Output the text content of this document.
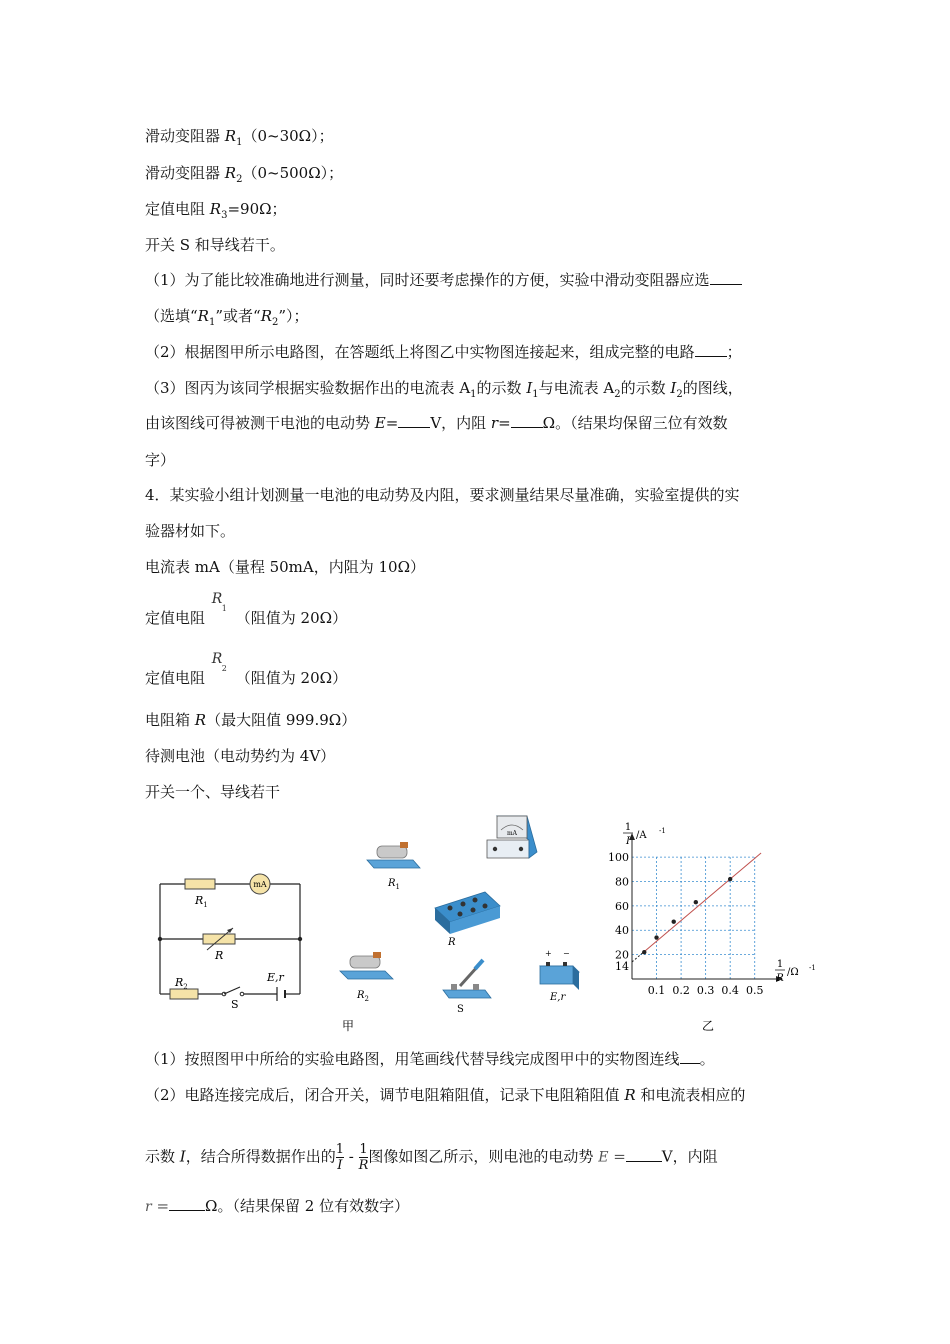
滑动变阻器 $R_1(0\sim 30\Omega)$；
滑动变阻器 $R_2(0\sim 500\Omega)$；
定值电阻 $R_3=90\Omega$；
开关 S 和导线若干。
（1）为了能比较准确地进行测量，同时还要考虑操作的方便，实验中滑动变阻器应选
（选填“$R_1$”或者“$R_2$”）；
（2）根据图甲所示电路图，在答题纸上将图乙中实物图连接起来，组成完整的电路 ；
（3）图丙为该同学根据实验数据作出的电流表 $A_1$的示数 $I_1$与电流表 $A_2$的示数 $I_2$的图线，
由该图线可得被测干电池的电动势 E= V，内阻 r= Ω。（结果均保留三位有效数
字）
4．某实验小组计划测量一电池的电动势及内阻，要求测量结果尽量准确，实验室提供的实
验器材如下。
电流表 mA（量程 50mA，内阻为 10Ω）
定值电阻
R
1
（阻值为 20Ω）
定值电阻
R
2
（阻值为 20Ω）
电阻箱 R（最大阻值 999.9Ω）
待测电池（电动势约为 4V）
开关一个、导线若干
mA
$R_1$
R
$R_2$
S
E,r
甲
$R_1$
mA
R
$R_2$
S
+ −
E,r
0.1 0.2 0.3 0.4 0.5
20
40
60
80
100
14
1
I
/A -1
1
R
/Ω -1
乙
（1）按照图甲中所给的实验电路图，用笔画线代替导线完成图甲中的实物图连线 。
（2）电路连接完成后，闭合开关，调节电阻箱阻值，记录下电阻箱阻值 R 和电流表相应的
示数 I，结合所得数据作出的 $\frac{1}{I} - \frac{1}{R}$ 图像如图乙所示，则电池的电动势 E = V，内阻
r = Ω。（结果保留 2 位有效数字）
